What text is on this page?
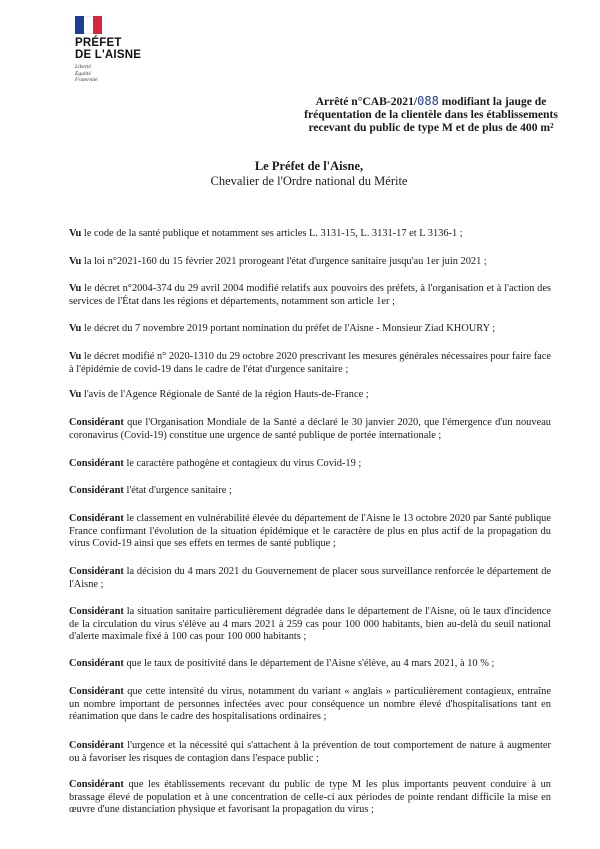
PRÉFET
DE L'AISNE
Liberté
Égalité
Fraternité
Arrêté n°CAB-2021/088 modifiant la jauge de
fréquentation de la clientèle dans les établissements
recevant du public de type M et de plus de 400 m²
Le Préfet de l'Aisne,
Chevalier de l'Ordre national du Mérite
Vu le code de la santé publique et notamment ses articles L. 3131-15, L. 3131-17 et L 3136-1 ;
Vu la loi n°2021-160 du 15 février 2021 prorogeant l'état d'urgence sanitaire jusqu'au 1er juin 2021 ;
Vu le décret n°2004-374 du 29 avril 2004 modifié relatifs aux pouvoirs des préfets, à l'organisation et à l'action des services de l'État dans les régions et départements, notamment son article 1er ;
Vu le décret du 7 novembre 2019 portant nomination du préfet de l'Aisne - Monsieur Ziad KHOURY ;
Vu le décret modifié n° 2020-1310 du 29 octobre 2020 prescrivant les mesures générales nécessaires pour faire face à l'épidémie de covid-19 dans le cadre de l'état d'urgence sanitaire ;
Vu l'avis de l'Agence Régionale de Santé de la région Hauts-de-France ;
Considérant que l'Organisation Mondiale de la Santé a déclaré le 30 janvier 2020, que l'émergence d'un nouveau coronavirus (Covid-19) constitue une urgence de santé publique de portée internationale ;
Considérant le caractère pathogène et contagieux du virus Covid-19 ;
Considérant l'état d'urgence sanitaire ;
Considérant le classement en vulnérabilité élevée du département de l'Aisne le 13 octobre 2020 par Santé publique France confirmant l'évolution de la situation épidémique et le caractère de plus en plus actif de la propagation du virus Covid-19 ainsi que ses effets en termes de santé publique ;
Considérant la décision du 4 mars 2021 du Gouvernement de placer sous surveillance renforcée le département de l'Aisne ;
Considérant la situation sanitaire particulièrement dégradée dans le département de l'Aisne, où le taux d'incidence de la circulation du virus s'élève au 4 mars 2021 à 259 cas pour 100 000 habitants, bien au-delà du seuil national d'alerte maximale fixé à 100 cas pour 100 000 habitants ;
Considérant que le taux de positivité dans le département de l'Aisne s'élève, au 4 mars 2021, à 10 % ;
Considérant que cette intensité du virus, notamment du variant « anglais » particulièrement contagieux, entraîne un nombre important de personnes infectées avec pour conséquence un nombre élevé d'hospitalisations tant en réanimation que dans le cadre des hospitalisations ordinaires ;
Considérant l'urgence et la nécessité qui s'attachent à la prévention de tout comportement de nature à augmenter ou à favoriser les risques de contagion dans l'espace public ;
Considérant que les établissements recevant du public de type M les plus importants peuvent conduire à un brassage élevé de population et à une concentration de celle-ci aux périodes de pointe rendant difficile la mise en œuvre d'une distanciation physique et favorisant la propagation du virus ;
